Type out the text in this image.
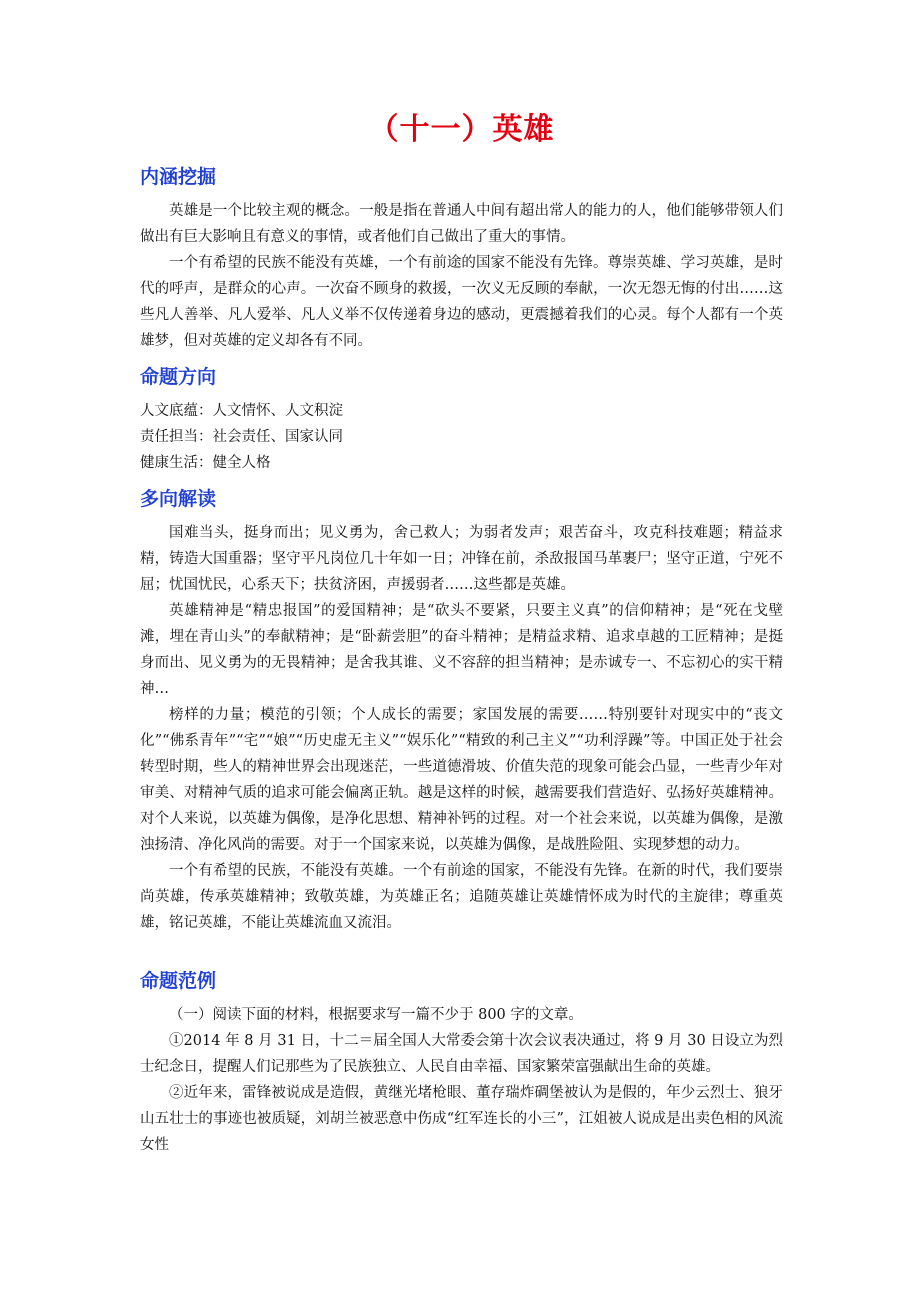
（十一）英雄
内涵挖掘

英雄是一个比较主观的概念。一般是指在普通人中间有超出常人的能力的人，他们能够带领人们做出有巨大影响且有意义的事情，或者他们自己做出了重大的事情。

一个有希望的民族不能没有英雄，一个有前途的国家不能没有先锋。尊崇英雄、学习英雄，是时代的呼声，是群众的心声。一次奋不顾身的救援，一次义无反顾的奉献，一次无怨无悔的付出……这些凡人善举、凡人爱举、凡人义举不仅传递着身边的感动，更震撼着我们的心灵。每个人都有一个英雄梦，但对英雄的定义却各有不同。

命题方向

人文底蕴：人文情怀、人文积淀

责任担当：社会责任、国家认同

健康生活：健全人格

多向解读

国难当头，挺身而出；见义勇为，舍己救人；为弱者发声；艰苦奋斗，攻克科技难题；精益求精，铸造大国重器；坚守平凡岗位几十年如一日；冲锋在前，杀敌报国马革裹尸；坚守正道，宁死不屈；忧国忧民，心系天下；扶贫济困，声援弱者……这些都是英雄。

英雄精神是“精忠报国”的爱国精神；是“砍头不要紧，只要主义真”的信仰精神；是“死在戈壁滩，埋在青山头”的奉献精神；是“卧薪尝胆”的奋斗精神；是精益求精、追求卓越的工匠精神；是挺身而出、见义勇为的无畏精神；是舍我其谁、义不容辞的担当精神；是赤诚专一、不忘初心的实干精神…

榜样的力量；模范的引领；个人成长的需要；家国发展的需要……特别要针对现实中的“丧文化”“佛系青年”“宅”“娘”“历史虚无主义”“娱乐化”“精致的利己主义”“功利浮躁”等。中国正处于社会转型时期，些人的精神世界会出现迷茫，一些道德滑坡、价值失范的现象可能会凸显，一些青少年对审美、对精神气质的追求可能会偏离正轨。越是这样的时候，越需要我们营造好、弘扬好英雄精神。对个人来说，以英雄为偶像，是净化思想、精神补钙的过程。对一个社会来说，以英雄为偶像，是激浊扬清、净化风尚的需要。对于一个国家来说，以英雄为偶像，是战胜险阻、实现梦想的动力。

一个有希望的民族，不能没有英雄。一个有前途的国家，不能没有先锋。在新的时代，我们要崇尚英雄，传承英雄精神；致敬英雄，为英雄正名；追随英雄让英雄情怀成为时代的主旋律；尊重英雄，铭记英雄，不能让英雄流血又流泪。

命题范例

（一）阅读下面的材料，根据要求写一篇不少于 800 字的文章。

①2014 年 8 月 31 日，十二＝届全国人大常委会第十次会议表决通过，将 9 月 30 日设立为烈士纪念日，提醒人们记那些为了民族独立、人民自由幸福、国家繁荣富强献出生命的英雄。

②近年来，雷锋被说成是造假，黄继光堵枪眼、董存瑞炸碉堡被认为是假的，年少云烈士、狼牙山五壮士的事迹也被质疑，刘胡兰被恶意中伤成“红军连长的小三”，江姐被人说成是出卖色相的风流女性
